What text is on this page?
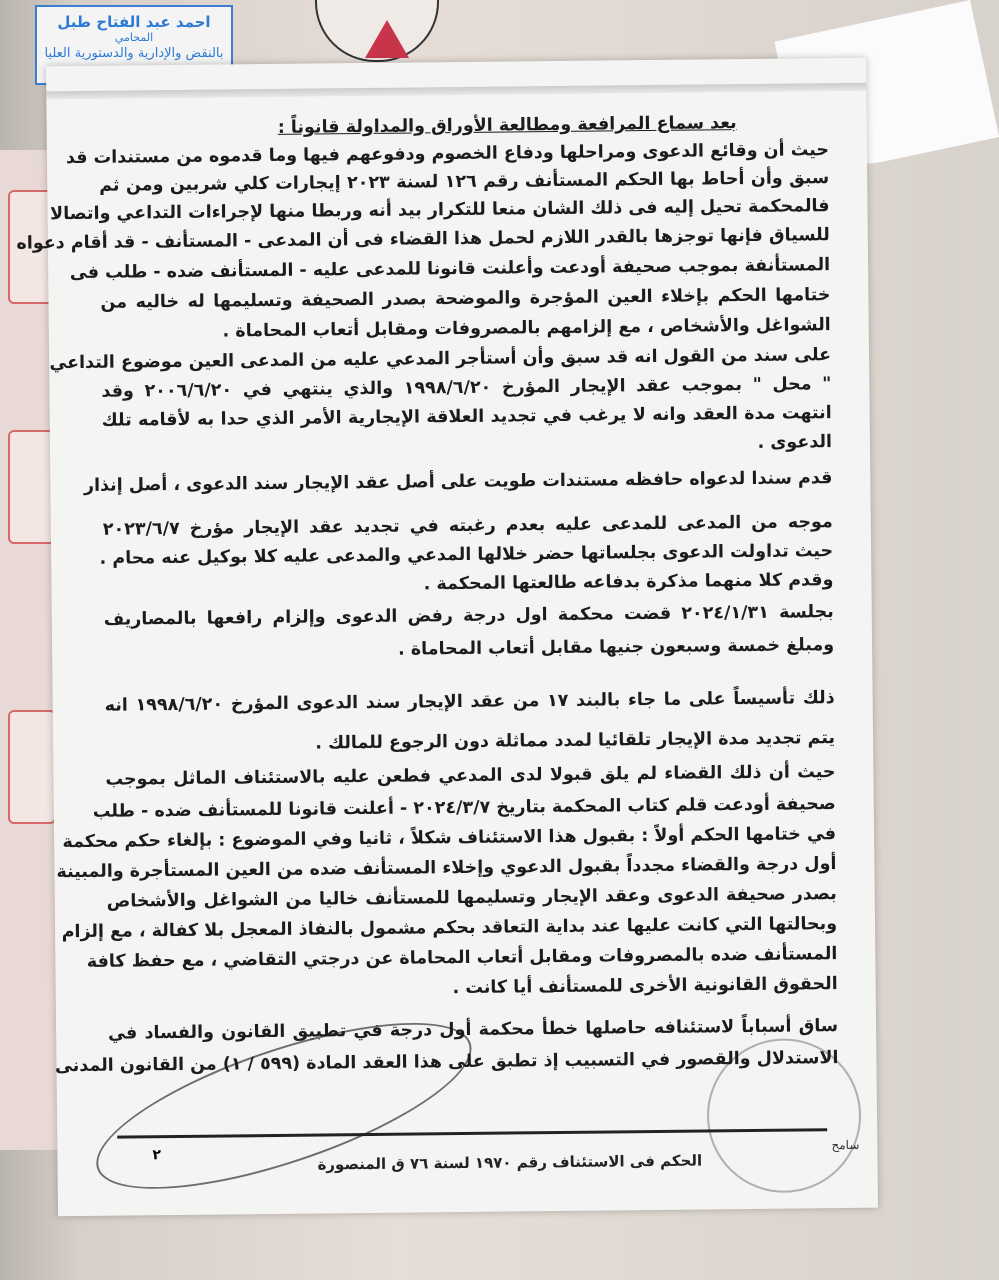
احمد عبد الفتاح طبل
المحامي
بالنقض والإدارية والدستورية العليا
بعد سماع المرافعة ومطالعة الأوراق والمداولة قانوناً :
حيث أن وقائع الدعوى ومراحلها ودفاع الخصوم ودفوعهم فيها وما قدموه من مستندات قد
سبق وأن أحاط بها الحكم المستأنف رقم ١٢٦ لسنة ٢٠٢٣ إيجارات كلي شربين ومن ثم
فالمحكمة تحيل إليه فى ذلك الشان منعا للتكرار بيد أنه وربطا منها لإجراءات التداعي واتصالا
للسياق فإنها توجزها بالقدر اللازم لحمل هذا القضاء فى أن المدعى - المستأنف - قد أقام دعواه
المستأنفة بموجب صحيفة أودعت وأعلنت قانونا للمدعى عليه - المستأنف ضده - طلب فى
ختامها الحكم بإخلاء العين المؤجرة والموضحة بصدر الصحيفة وتسليمها له خاليه من
الشواغل والأشخاص ، مع إلزامهم بالمصروفات ومقابل أتعاب المحاماة .
على سند من القول انه قد سبق وأن أستأجر المدعي عليه من المدعى العين موضوع التداعي
" محل " بموجب عقد الإيجار المؤرخ ١٩٩٨/٦/٢٠ والذي ينتهي في ٢٠٠٦/٦/٢٠ وقد
انتهت مدة العقد وانه لا يرغب في تجديد العلاقة الإيجارية الأمر الذي حدا به لأقامه تلك
الدعوى .
قدم سندا لدعواه حافظه مستندات طويت على أصل عقد الإيجار سند الدعوى ، أصل إنذار
موجه من المدعى للمدعى عليه بعدم رغبته في تجديد عقد الإيجار مؤرخ ٢٠٢٣/٦/٧
حيث تداولت الدعوى بجلساتها حضر خلالها المدعي والمدعى عليه كلا بوكيل عنه محام .
وقدم كلا منهما مذكرة بدفاعه طالعتها المحكمة .
بجلسة ٢٠٢٤/١/٣١ قضت محكمة اول درجة رفض الدعوى وإلزام رافعها بالمصاريف
ومبلغ خمسة وسبعون جنيها مقابل أتعاب المحاماة .
ذلك تأسيساً على ما جاء بالبند ١٧ من عقد الإيجار سند الدعوى المؤرخ ١٩٩٨/٦/٢٠ انه
يتم تجديد مدة الإيجار تلقائيا لمدد مماثلة دون الرجوع للمالك .
حيث أن ذلك القضاء لم يلق قبولا لدى المدعي فطعن عليه بالاستئناف الماثل بموجب
صحيفة أودعت قلم كتاب المحكمة بتاريخ ٢٠٢٤/٣/٧ - أعلنت قانونا للمستأنف ضده - طلب
في ختامها الحكم أولاً : بقبول هذا الاستئناف شكلاً ، ثانيا وفي الموضوع : بإلغاء حكم محكمة
أول درجة والقضاء مجدداً بقبول الدعوي وإخلاء المستأنف ضده من العين المستأجرة والمبينة
بصدر صحيفة الدعوى وعقد الإيجار وتسليمها للمستأنف خاليا من الشواغل والأشخاص
وبحالتها التي كانت عليها عند بداية التعاقد بحكم مشمول بالنفاذ المعجل بلا كفالة ، مع إلزام
المستأنف ضده بالمصروفات ومقابل أتعاب المحاماة عن درجتي التقاضي ، مع حفظ كافة
الحقوق القانونية الأخرى للمستأنف أيا كانت .
ساق أسباباً لاستئنافه حاصلها خطأ محكمة أول درجة في تطبيق القانون والفساد في
الاستدلال والقصور في التسبيب إذ تطبق على هذا العقد المادة (٥٩٩ / ١) من القانون المدنى
٢	الحكم فى الاستئناف رقم ١٩٧٠ لسنة ٧٦ ق المنصورة
سامح
